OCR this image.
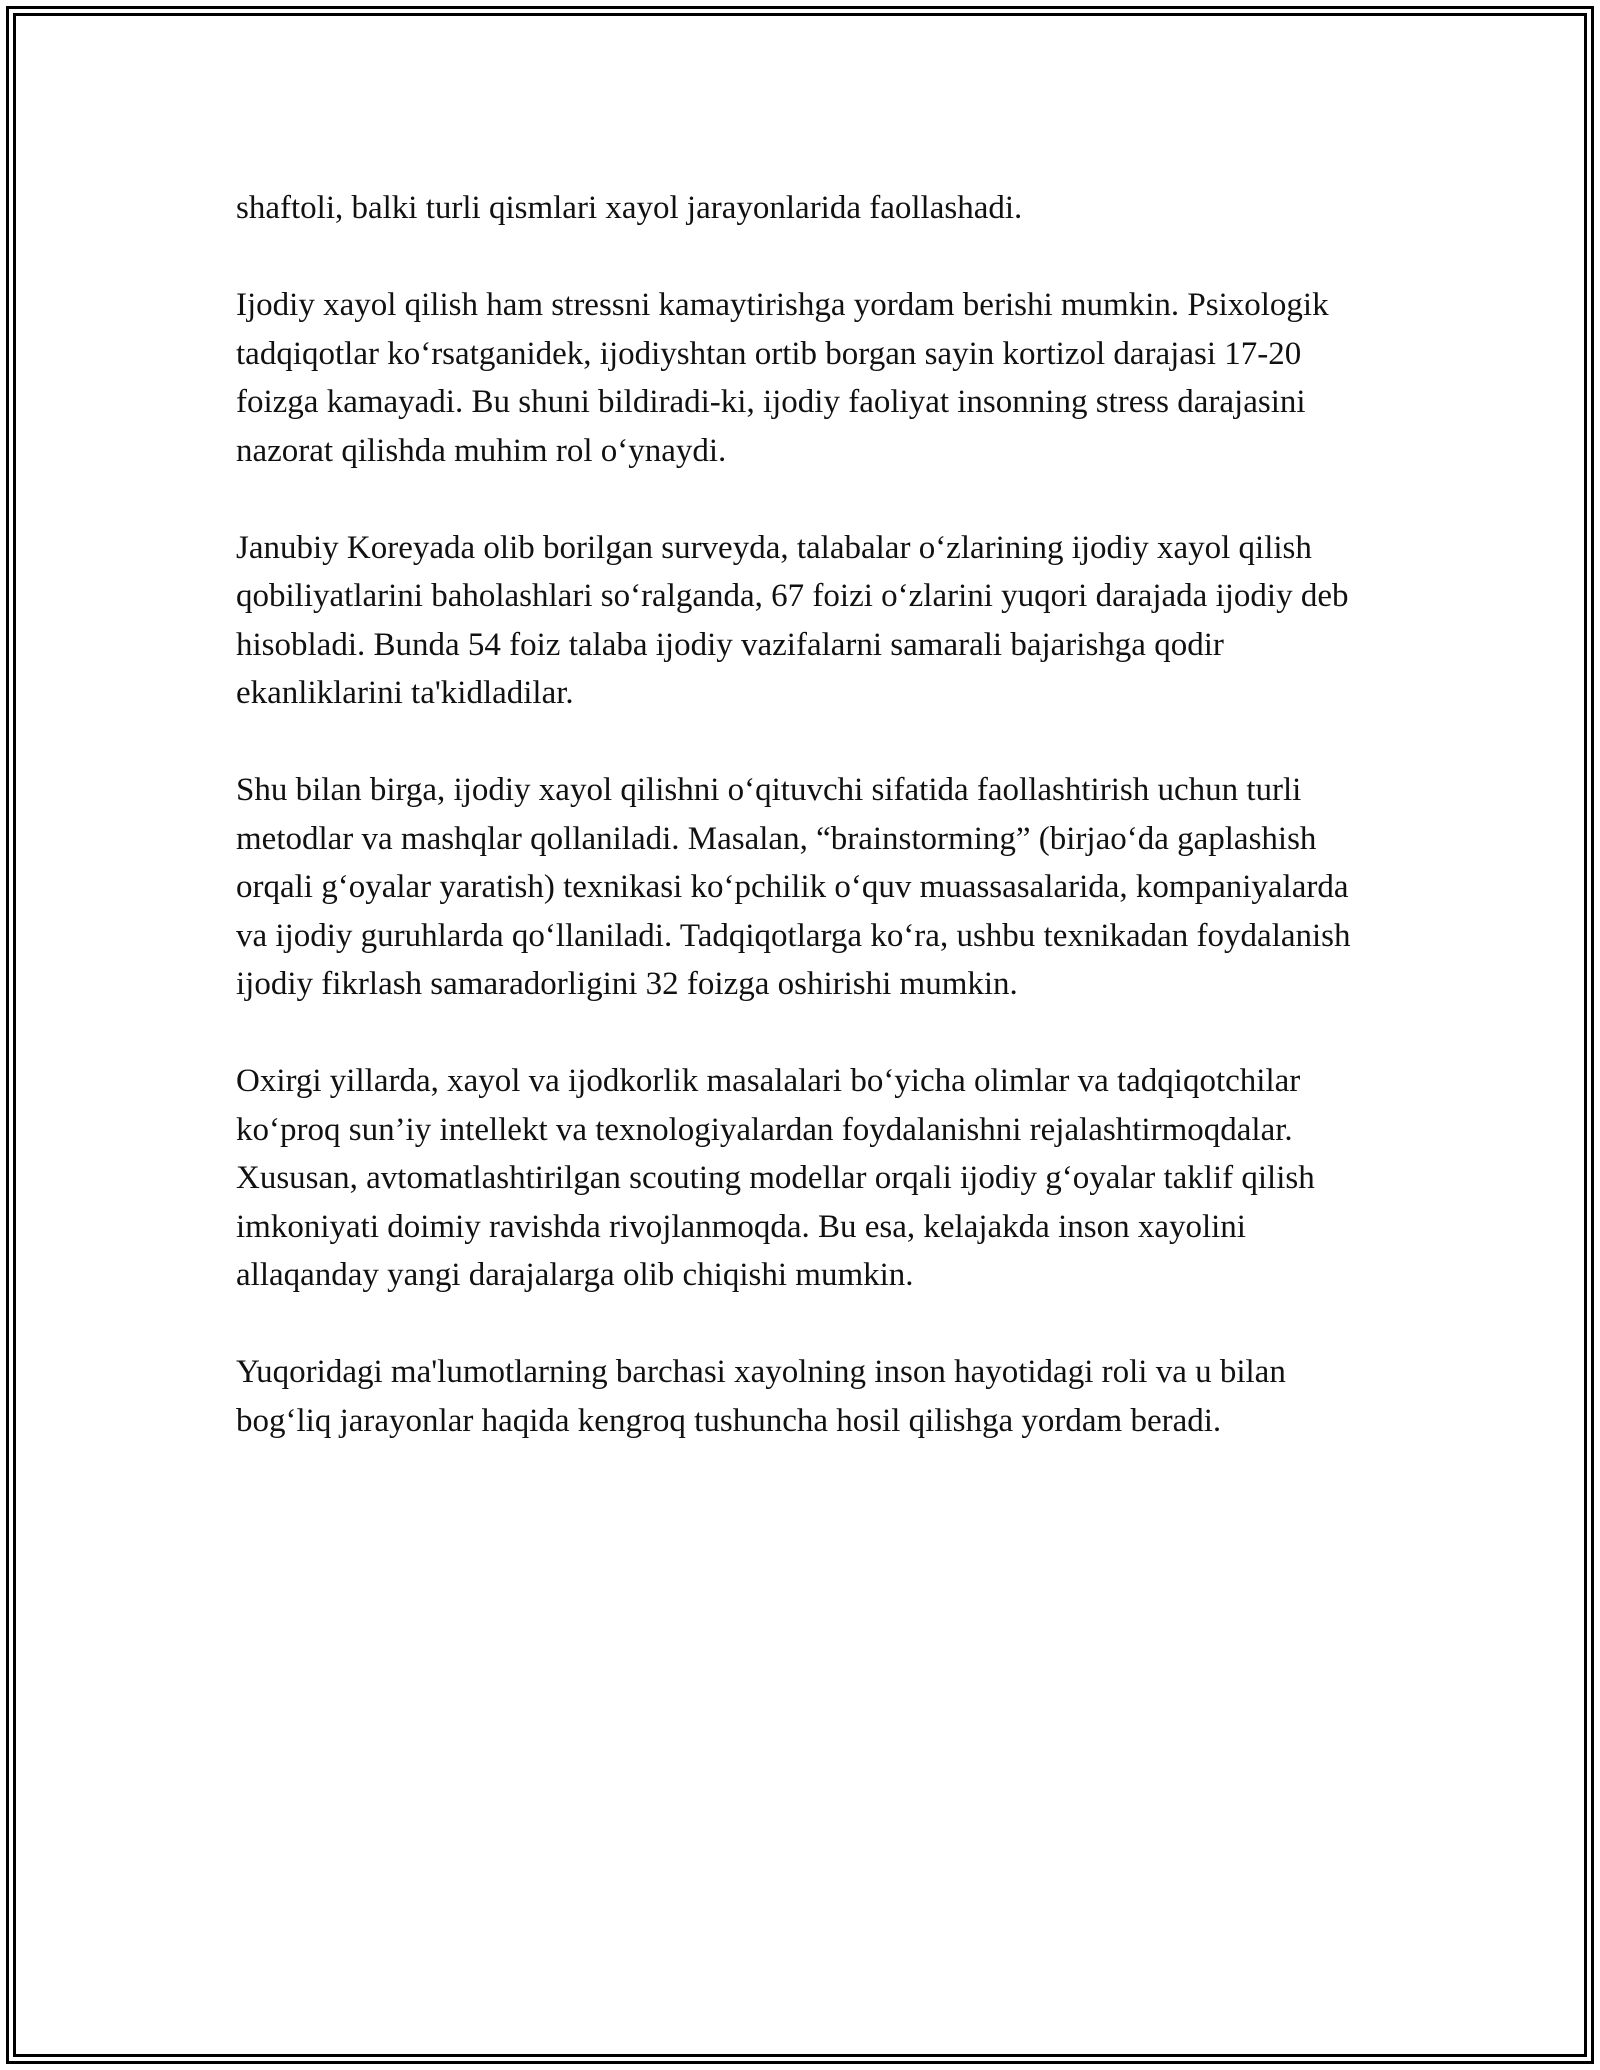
shaftoli, balki turli qismlari xayol jarayonlarida faollashadi.

Ijodiy xayol qilish ham stressni kamaytirishga yordam berishi mumkin. Psixologik tadqiqotlar koʻrsatganidek, ijodiyshtan ortib borgan sayin kortizol darajasi 17-20 foizga kamayadi. Bu shuni bildiradi-ki, ijodiy faoliyat insonning stress darajasini nazorat qilishda muhim rol oʻynaydi.

Janubiy Koreyada olib borilgan surveyda, talabalar oʻzlarining ijodiy xayol qilish qobiliyatlarini baholashlari soʻralganda, 67 foizi oʻzlarini yuqori darajada ijodiy deb hisobladi. Bunda 54 foiz talaba ijodiy vazifalarni samarali bajarishga qodir ekanliklarini ta'kidladilar.

Shu bilan birga, ijodiy xayol qilishni oʻqituvchi sifatida faollashtirish uchun turli metodlar va mashqlar qollaniladi. Masalan, “brainstorming” (birjaoʻda gaplashish orqali gʻoyalar yaratish) texnikasi koʻpchilik oʻquv muassasalarida, kompaniyalarda va ijodiy guruhlarda qoʻllaniladi. Tadqiqotlarga koʻra, ushbu texnikadan foydalanish ijodiy fikrlash samaradorligini 32 foizga oshirishi mumkin.

Oxirgi yillarda, xayol va ijodkorlik masalalari boʻyicha olimlar va tadqiqotchilar koʻproq sun’iy intellekt va texnologiyalardan foydalanishni rejalashtirmoqdalar. Xususan, avtomatlashtirilgan scouting modellar orqali ijodiy gʻoyalar taklif qilish imkoniyati doimiy ravishda rivojlanmoqda. Bu esa, kelajakda inson xayolini allaqanday yangi darajalarga olib chiqishi mumkin.

Yuqoridagi ma'lumotlarning barchasi xayolning inson hayotidagi roli va u bilan bogʻliq jarayonlar haqida kengroq tushuncha hosil qilishga yordam beradi.
